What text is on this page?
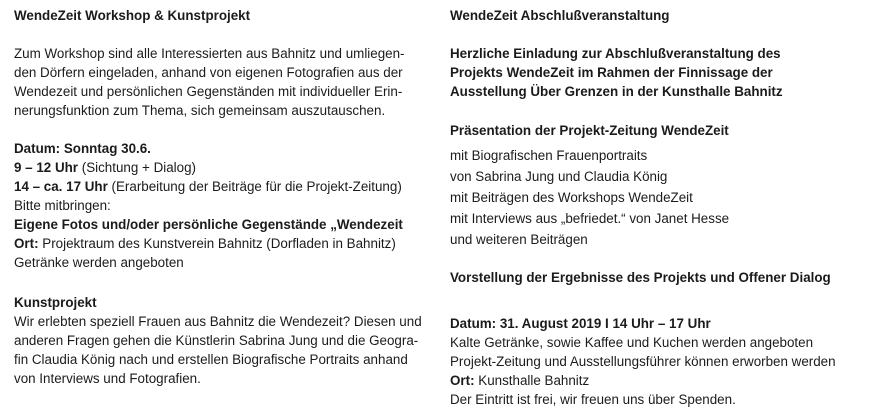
WendeZeit Workshop & Kunstprojekt
Zum Workshop sind alle Interessierten aus Bahnitz und umliegen-
den Dörfern eingeladen, anhand von eigenen Fotografien aus der
Wendezeit und persönlichen Gegenständen mit individueller Erin-
nerungsfunktion zum Thema, sich gemeinsam auszutauschen.
Datum: Sonntag 30.6.
9 – 12 Uhr (Sichtung + Dialog)
14 – ca. 17 Uhr (Erarbeitung der Beiträge für die Projekt-Zeitung)
Bitte mitbringen:
Eigene Fotos und/oder persönliche Gegenstände „Wendezeit
Ort: Projektraum des Kunstverein Bahnitz (Dorfladen in Bahnitz)
Getränke werden angeboten
Kunstprojekt
Wir erlebten speziell Frauen aus Bahnitz die Wendezeit? Diesen und
anderen Fragen gehen die Künstlerin Sabrina Jung und die Geogra-
fin Claudia König nach und erstellen Biografische Portraits anhand
von Interviews und Fotografien.
WendeZeit Abschlußveranstaltung
Herzliche Einladung zur Abschlußveranstaltung des
Projekts WendeZeit im Rahmen der Finnissage der
Ausstellung Über Grenzen in der Kunsthalle Bahnitz
Präsentation der Projekt-Zeitung WendeZeit
mit Biografischen Frauenportraits
von Sabrina Jung und Claudia König
mit Beiträgen des Workshops WendeZeit
mit Interviews aus „befriedet.“ von Janet Hesse
und weiteren Beiträgen
Vorstellung der Ergebnisse des Projekts und Offener Dialog
Datum: 31. August 2019 I 14 Uhr – 17 Uhr
Kalte Getränke, sowie Kaffee und Kuchen werden angeboten
Projekt-Zeitung und Ausstellungsführer können erworben werden
Ort: Kunsthalle Bahnitz
Der Eintritt ist frei, wir freuen uns über Spenden.
